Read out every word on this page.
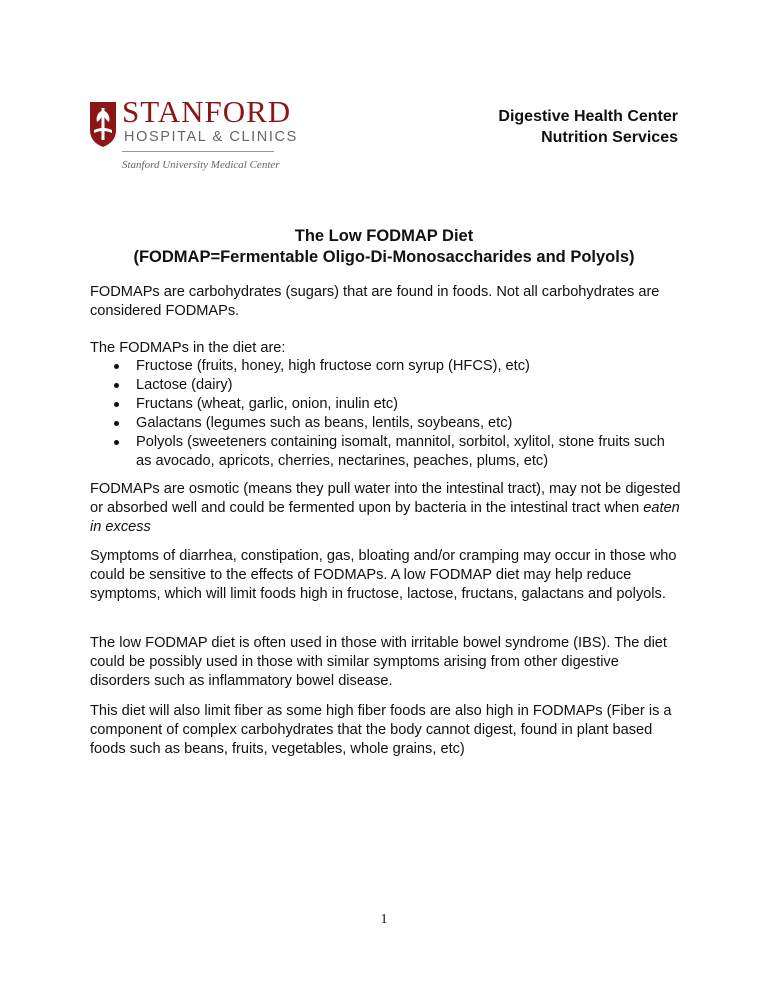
STANFORD
HOSPITAL & CLINICS
Stanford University Medical Center
Digestive Health Center
Nutrition Services
The Low FODMAP Diet
(FODMAP=Fermentable Oligo-Di-Monosaccharides and Polyols)
FODMAPs are carbohydrates (sugars) that are found in foods. Not all carbohydrates are considered FODMAPs.
The FODMAPs in the diet are:
Fructose (fruits, honey, high fructose corn syrup (HFCS), etc)
Lactose (dairy)
Fructans (wheat, garlic, onion, inulin etc)
Galactans (legumes such as beans, lentils, soybeans, etc)
Polyols (sweeteners containing isomalt, mannitol, sorbitol, xylitol, stone fruits such as avocado, apricots, cherries, nectarines, peaches, plums, etc)
FODMAPs are osmotic (means they pull water into the intestinal tract), may not be digested or absorbed well and could be fermented upon by bacteria in the intestinal tract when eaten in excess
Symptoms of diarrhea, constipation, gas, bloating and/or cramping may occur in those who could be sensitive to the effects of FODMAPs. A low FODMAP diet may help reduce symptoms, which will limit foods high in fructose, lactose, fructans, galactans and polyols.
The low FODMAP diet is often used in those with irritable bowel syndrome (IBS). The diet could be possibly used in those with similar symptoms arising from other digestive disorders such as inflammatory bowel disease.
This diet will also limit fiber as some high fiber foods are also high in FODMAPs (Fiber is a component of complex carbohydrates that the body cannot digest, found in plant based foods such as beans, fruits, vegetables, whole grains, etc)
1
